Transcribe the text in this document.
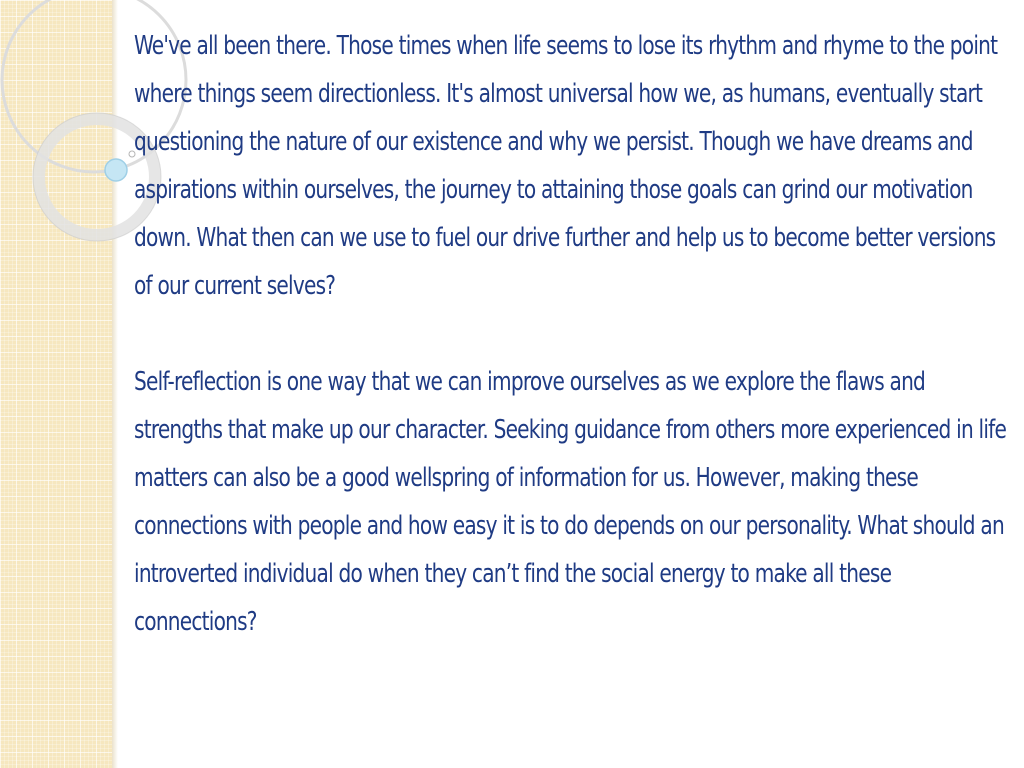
We've all been there. Those times when life seems to lose its rhythm and rhyme to the point where things seem directionless. It's almost universal how we, as humans, eventually start questioning the nature of our existence and why we persist. Though we have dreams and aspirations within ourselves, the journey to attaining those goals can grind our motivation down. What then can we use to fuel our drive further and help us to become better versions of our current selves?

Self-reflection is one way that we can improve ourselves as we explore the flaws and strengths that make up our character. Seeking guidance from others more experienced in life matters can also be a good wellspring of information for us. However, making these connections with people and how easy it is to do depends on our personality. What should an introverted individual do when they can’t find the social energy to make all these connections?
